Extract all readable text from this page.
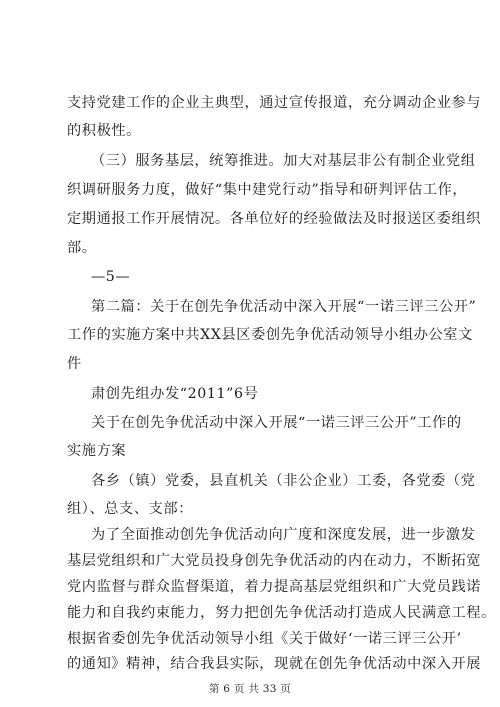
支持党建工作的企业主典型，通过宣传报道，充分调动企业参与
的积极性。
（三）服务基层，统筹推进。加大对基层非公有制企业党组
织调研服务力度，做好“集中建党行动”指导和研判评估工作，
定期通报工作开展情况。各单位好的经验做法及时报送区委组织
部。
—5—
第二篇：关于在创先争优活动中深入开展“一诺三评三公开”
工作的实施方案中共XX县区委创先争优活动领导小组办公室文
件
肃创先组办发“2011”6号
关于在创先争优活动中深入开展“一诺三评三公开”工作的
实施方案
各乡（镇）党委，县直机关（非公企业）工委，各党委（党
组）、总支、支部：
为了全面推动创先争优活动向广度和深度发展，进一步激发
基层党组织和广大党员投身创先争优活动的内在动力，不断拓宽
党内监督与群众监督渠道，着力提高基层党组织和广大党员践诺
能力和自我约束能力，努力把创先争优活动打造成人民满意工程。
根据省委创先争优活动领导小组《关于做好‘一诺三评三公开’
的通知》精神，结合我县实际，现就在创先争优活动中深入开展
第 6 页 共 33 页
